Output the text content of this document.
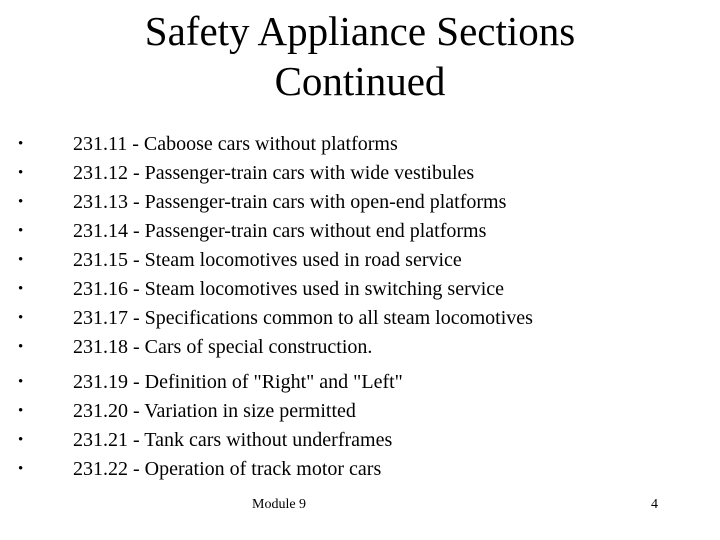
Safety Appliance Sections
Continued
• 231.11 - Caboose cars without platforms
• 231.12 - Passenger-train cars with wide vestibules
• 231.13 - Passenger-train cars with open-end platforms
• 231.14 - Passenger-train cars without end platforms
• 231.15 - Steam locomotives used in road service
• 231.16 - Steam locomotives used in switching service
• 231.17 - Specifications common to all steam locomotives
• 231.18 - Cars of special construction.
• 231.19 - Definition of "Right" and "Left"
• 231.20 - Variation in size permitted
• 231.21 - Tank cars without underframes
• 231.22 - Operation of track motor cars
Module 9	4
